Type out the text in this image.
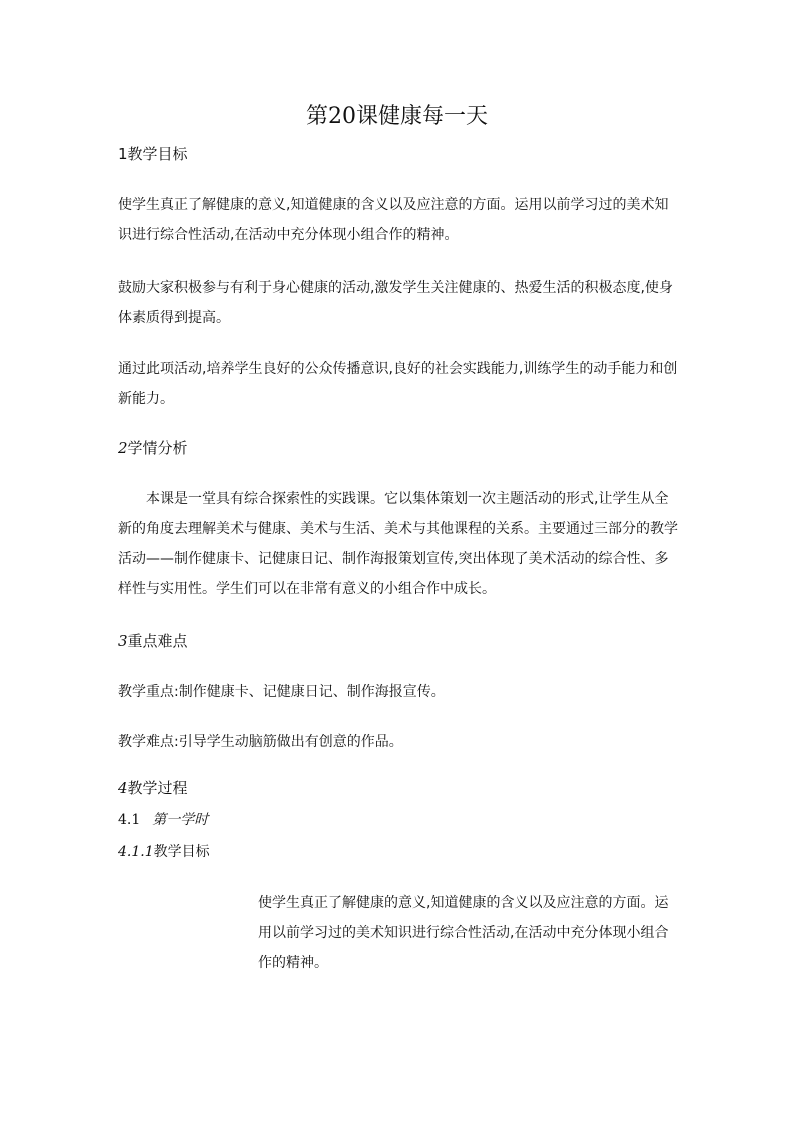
第20课健康每一天
1教学目标
使学生真正了解健康的意义,知道健康的含义以及应注意的方面。运用以前学习过的美术知识进行综合性活动,在活动中充分体现小组合作的精神。
鼓励大家积极参与有利于身心健康的活动,激发学生关注健康的、热爱生活的积极态度,使身体素质得到提高。
通过此项活动,培养学生良好的公众传播意识,良好的社会实践能力,训练学生的动手能力和创新能力。
2学情分析
本课是一堂具有综合探索性的实践课。它以集体策划一次主题活动的形式,让学生从全新的角度去理解美术与健康、美术与生活、美术与其他课程的关系。主要通过三部分的教学活动——制作健康卡、记健康日记、制作海报策划宣传,突出体现了美术活动的综合性、多样性与实用性。学生们可以在非常有意义的小组合作中成长。
3重点难点
教学重点:制作健康卡、记健康日记、制作海报宣传。
教学难点:引导学生动脑筋做出有创意的作品。
4教学过程
4.1 第一学时
4.1.1教学目标
使学生真正了解健康的意义,知道健康的含义以及应注意的方面。运用以前学习过的美术知识进行综合性活动,在活动中充分体现小组合作的精神。
